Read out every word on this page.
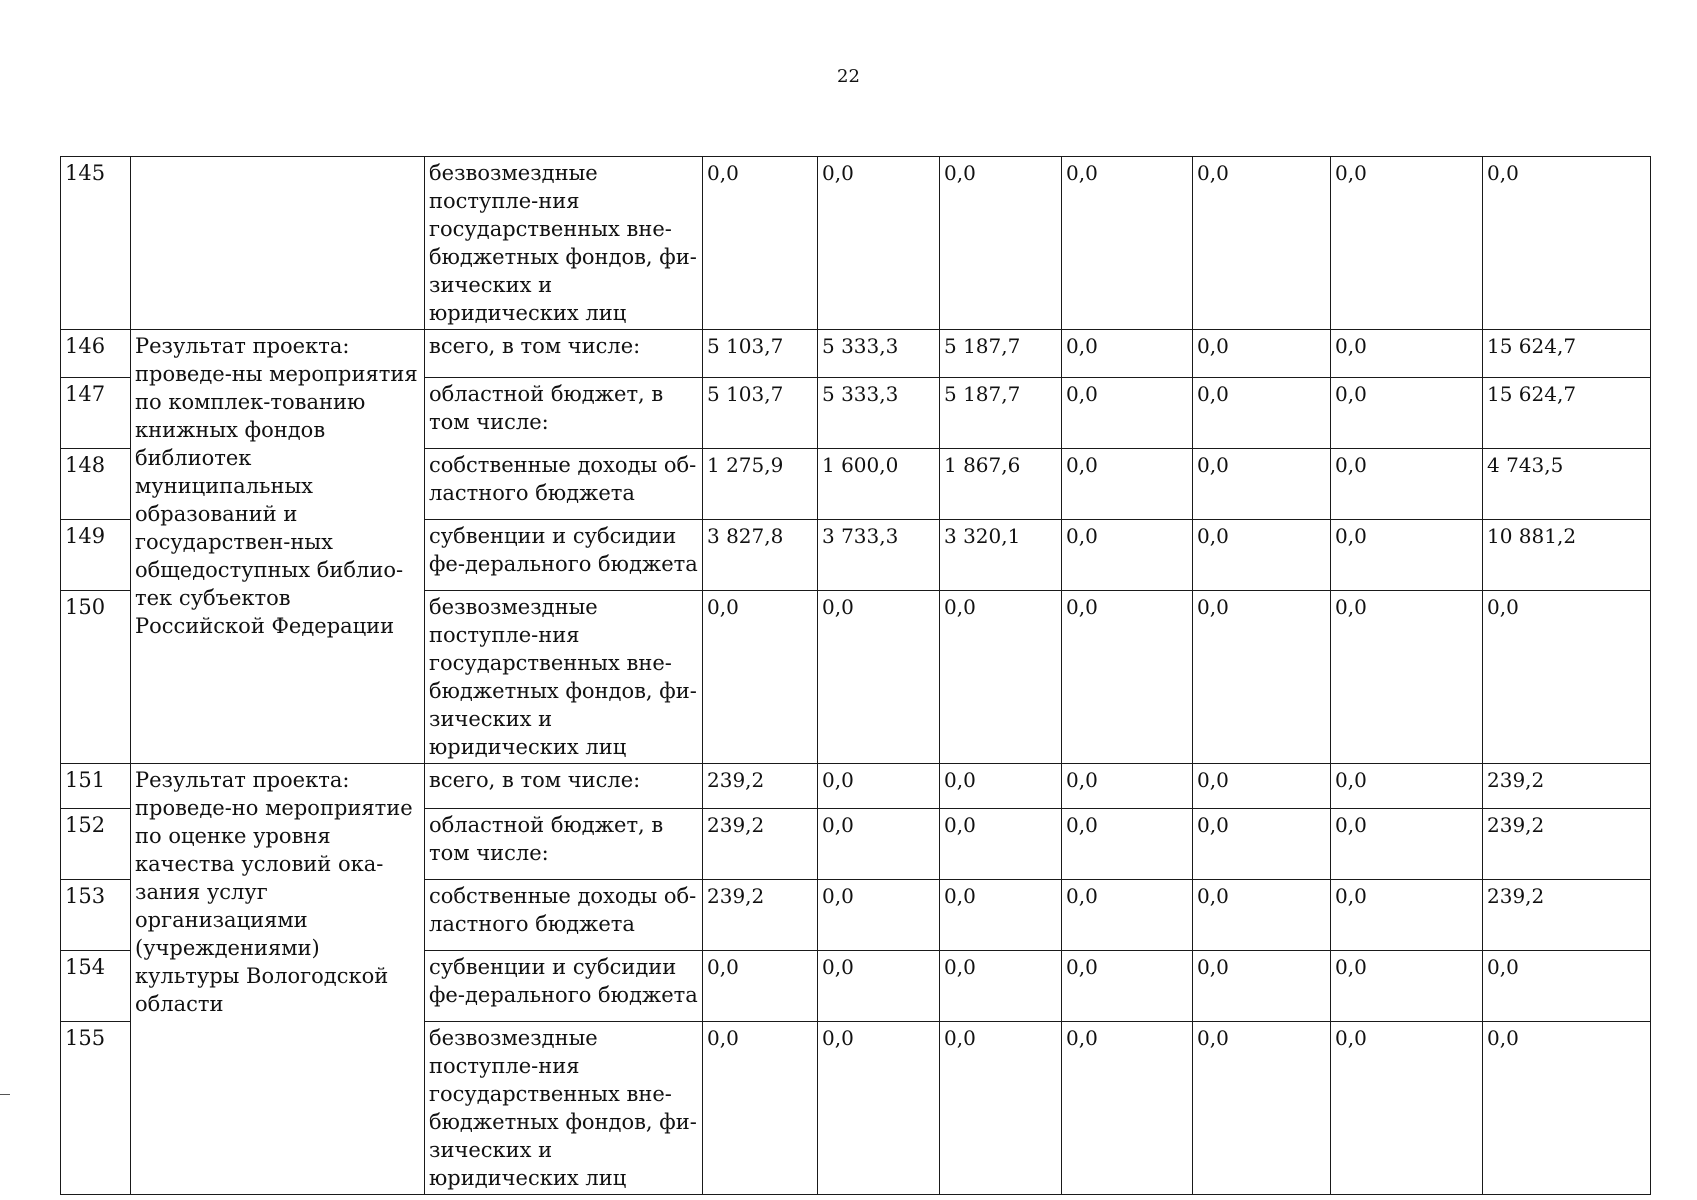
22
145		безвозмездные поступле-ния государственных вне-бюджетных фондов, фи-зических и юридических лиц	0,0	0,0	0,0	0,0	0,0	0,0	0,0
146	Результат проекта: проведе-ны мероприятия по комплек-тованию книжных фондов библиотек муниципальных образований и государствен-ных общедоступных библио-тек субъектов Российской Федерации	всего, в том числе:	5 103,7	5 333,3	5 187,7	0,0	0,0	0,0	15 624,7
147		областной бюджет, в том числе:	5 103,7	5 333,3	5 187,7	0,0	0,0	0,0	15 624,7
148		собственные доходы об-ластного бюджета	1 275,9	1 600,0	1 867,6	0,0	0,0	0,0	4 743,5
149		субвенции и субсидии фе-дерального бюджета	3 827,8	3 733,3	3 320,1	0,0	0,0	0,0	10 881,2
150		безвозмездные поступле-ния государственных вне-бюджетных фондов, фи-зических и юридических лиц	0,0	0,0	0,0	0,0	0,0	0,0	0,0
151	Результат проекта: проведе-но мероприятие по оценке уровня качества условий ока-зания услуг организациями (учреждениями) культуры Вологодской области	всего, в том числе:	239,2	0,0	0,0	0,0	0,0	0,0	239,2
152		областной бюджет, в том числе:	239,2	0,0	0,0	0,0	0,0	0,0	239,2
153		собственные доходы об-ластного бюджета	239,2	0,0	0,0	0,0	0,0	0,0	239,2
154		субвенции и субсидии фе-дерального бюджета	0,0	0,0	0,0	0,0	0,0	0,0	0,0
155		безвозмездные поступле-ния государственных вне-бюджетных фондов, фи-зических и юридических лиц	0,0	0,0	0,0	0,0	0,0	0,0	0,0
